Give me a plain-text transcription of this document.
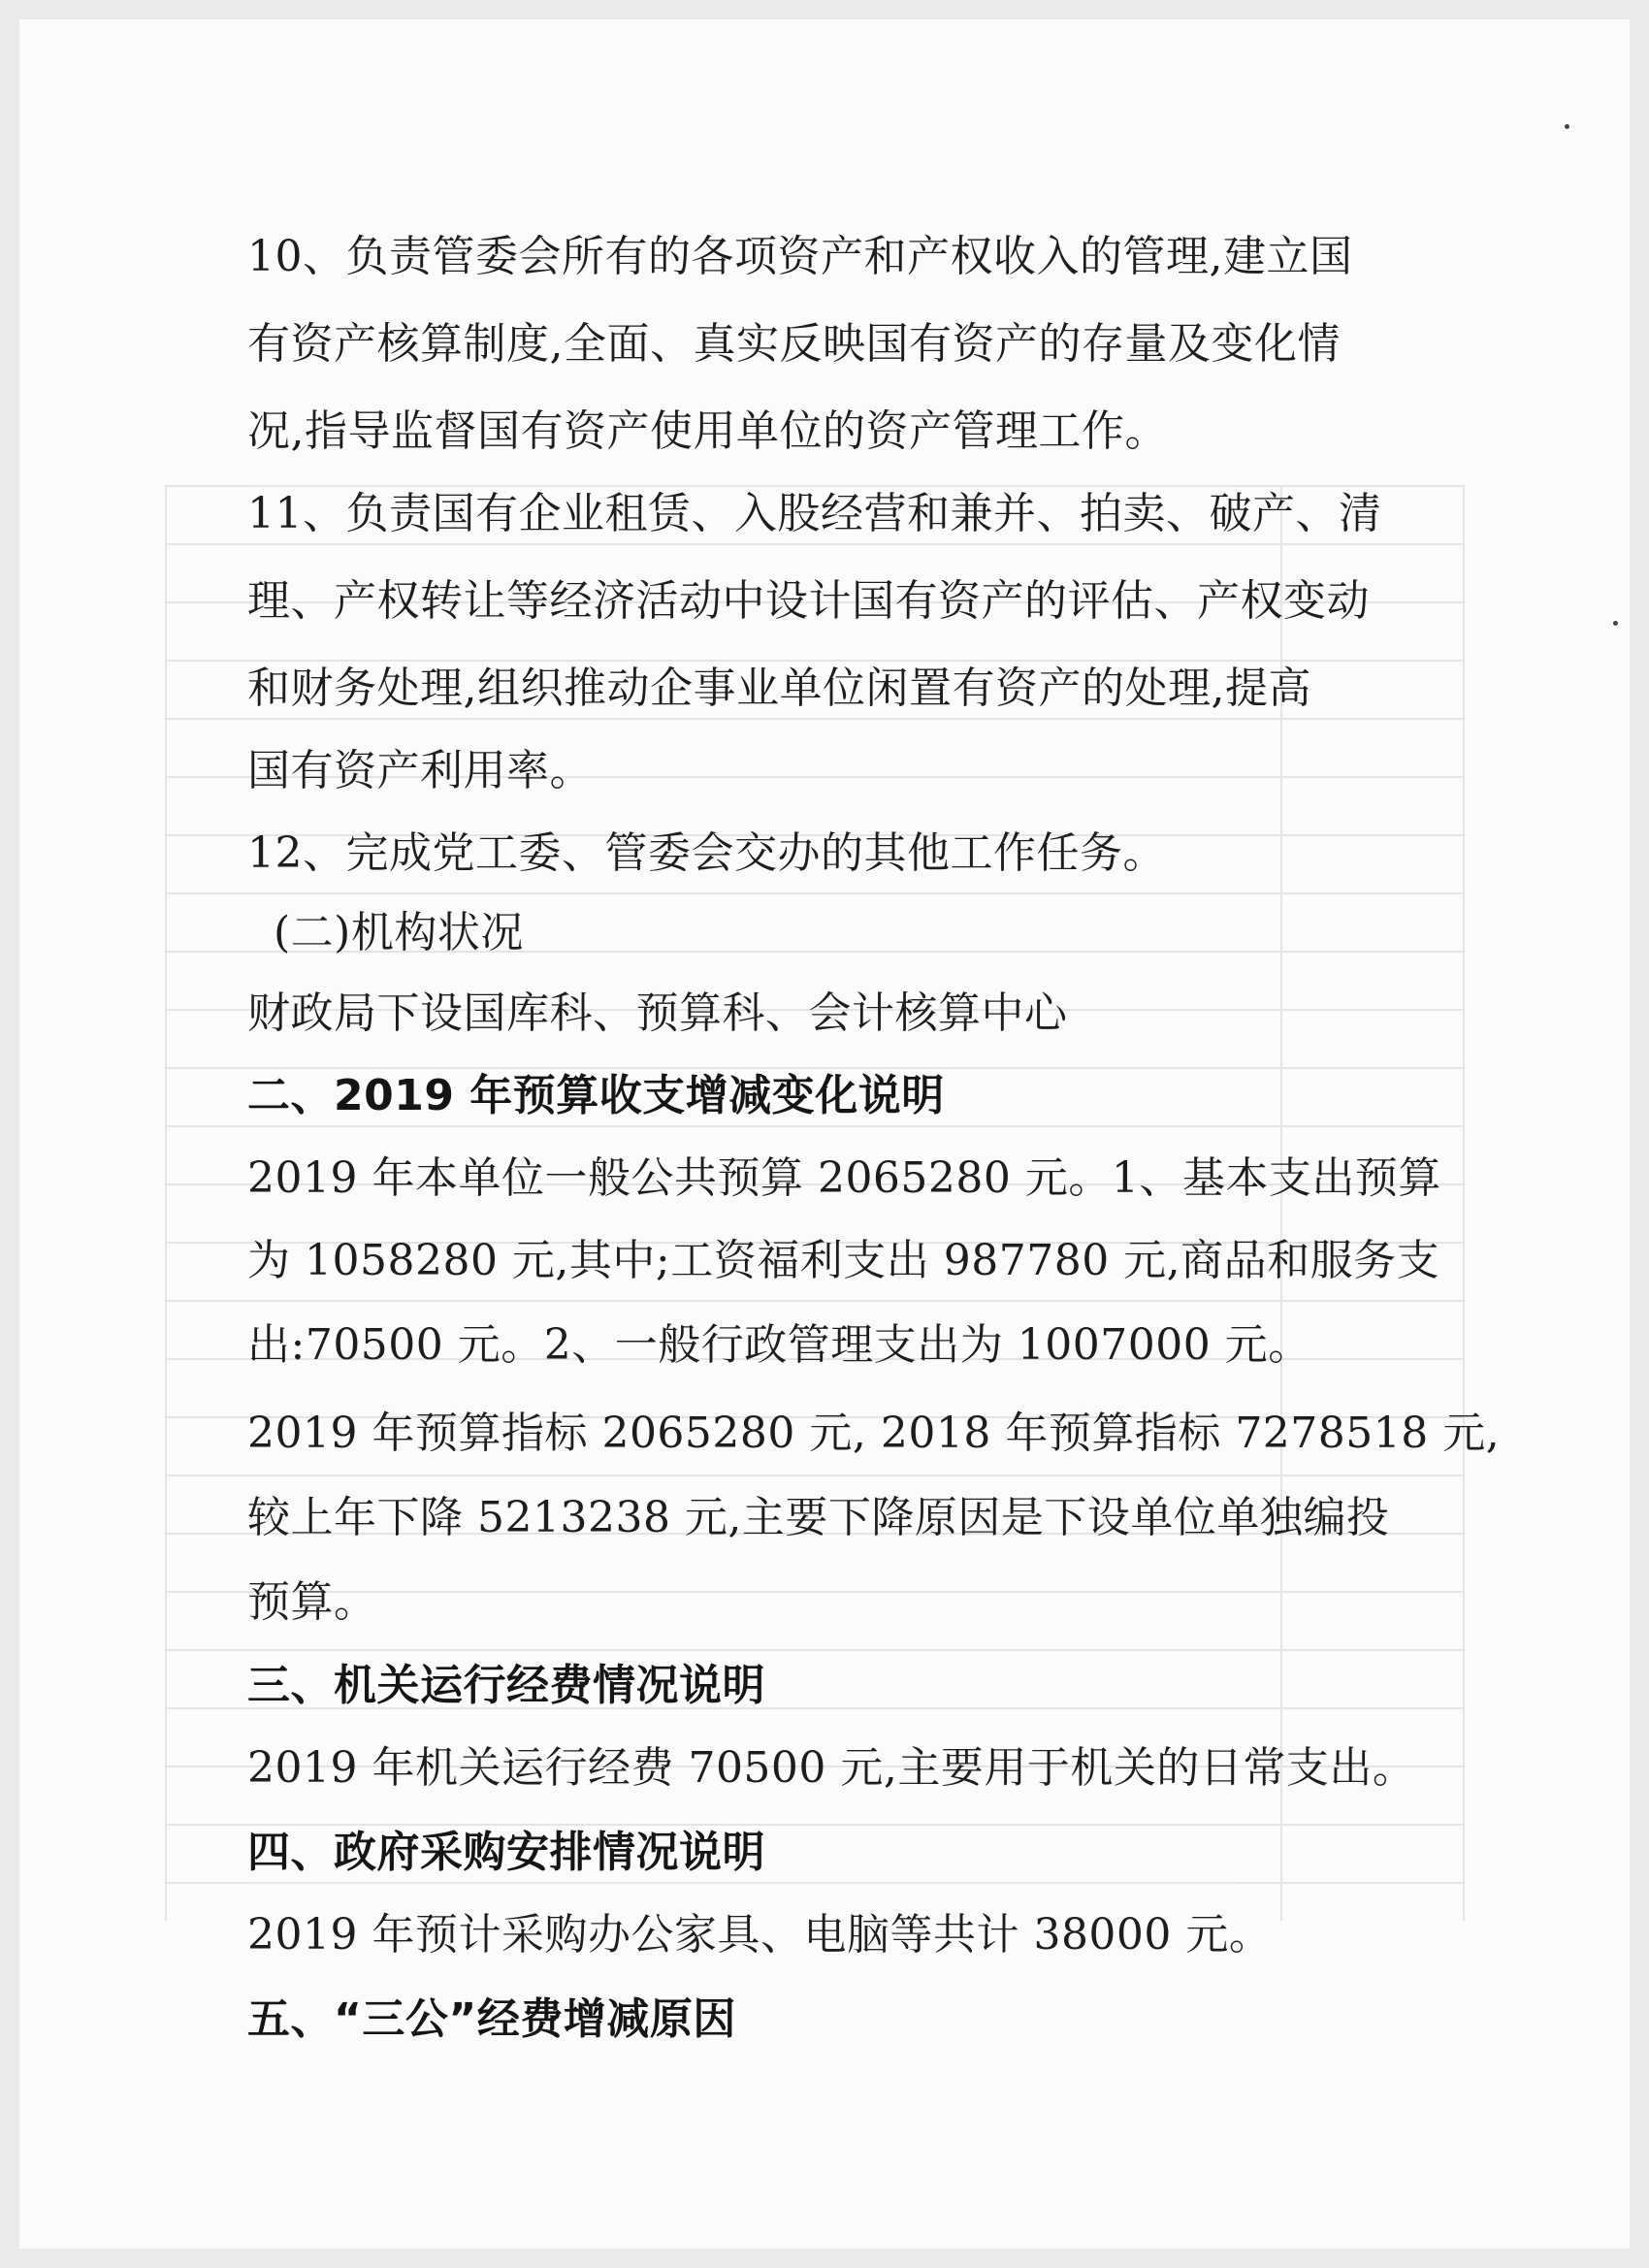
10、负责管委会所有的各项资产和产权收入的管理,建立国
有资产核算制度,全面、真实反映国有资产的存量及变化情
况,指导监督国有资产使用单位的资产管理工作。
11、负责国有企业租赁、入股经营和兼并、拍卖、破产、清
理、产权转让等经济活动中设计国有资产的评估、产权变动
和财务处理,组织推动企事业单位闲置有资产的处理,提高
国有资产利用率。
12、完成党工委、管委会交办的其他工作任务。
(二)机构状况
财政局下设国库科、预算科、会计核算中心
二、2019 年预算收支增减变化说明
2019 年本单位一般公共预算 2065280 元。1、基本支出预算
为 1058280 元,其中;工资福利支出 987780 元,商品和服务支
出:70500 元。2、一般行政管理支出为 1007000 元。
2019 年预算指标 2065280 元, 2018 年预算指标 7278518 元,
较上年下降 5213238 元,主要下降原因是下设单位单独编投
预算。
三、机关运行经费情况说明
2019 年机关运行经费 70500 元,主要用于机关的日常支出。
四、政府采购安排情况说明
2019 年预计采购办公家具、电脑等共计 38000 元。
五、“三公”经费增减原因
